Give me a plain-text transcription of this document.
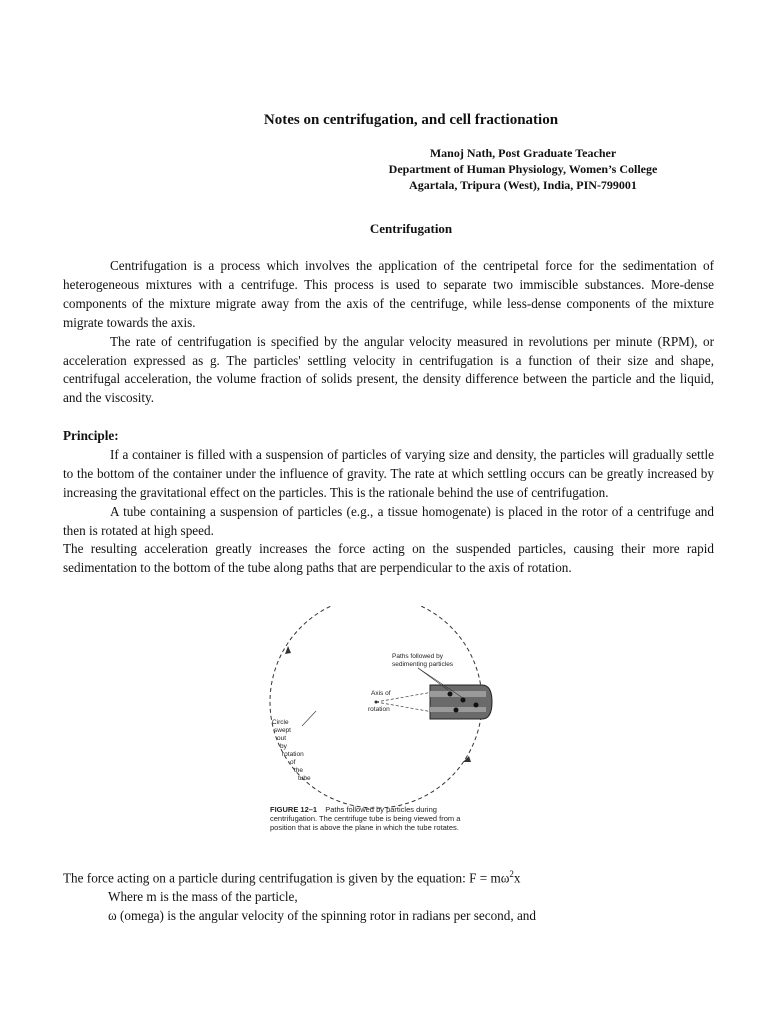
Notes on centrifugation, and cell fractionation
Manoj Nath, Post Graduate Teacher
Department of Human Physiology, Women’s College
Agartala, Tripura (West), India, PIN-799001
Centrifugation

Centrifugation is a process which involves the application of the centripetal force for the sedimentation of heterogeneous mixtures with a centrifuge. This process is used to separate two immiscible substances. More-dense components of the mixture migrate away from the axis of the centrifuge, while less-dense components of the mixture migrate towards the axis.

The rate of centrifugation is specified by the angular velocity measured in revolutions per minute (RPM), or acceleration expressed as g. The particles' settling velocity in centrifugation is a function of their size and shape, centrifugal acceleration, the volume fraction of solids present, the density difference between the particle and the liquid, and the viscosity.

Principle:

If a container is filled with a suspension of particles of varying size and density, the particles will gradually settle to the bottom of the container under the influence of gravity. The rate at which settling occurs can be greatly increased by increasing the gravitational effect on the particles. This is the rationale behind the use of centrifugation.

A tube containing a suspension of particles (e.g., a tissue homogenate) is placed in the rotor of a centrifuge and then is rotated at high speed.

The resulting acceleration greatly increases the force acting on the suspended particles, causing their more rapid sedimentation to the bottom of the tube along paths that are perpendicular to the axis of rotation.

Paths followed by
sedimenting particles
Axis of
rotation
Circle swept out by rotation of the tube
FIGURE 12–1 Paths followed by particles during
centrifugation. The centrifuge tube is being viewed from a
position that is above the plane in which the tube rotates.
The force acting on a particle during centrifugation is given by the equation: $F = m\omega^2x$
Where m is the mass of the particle,
ω (omega) is the angular velocity of the spinning rotor in radians per second, and
